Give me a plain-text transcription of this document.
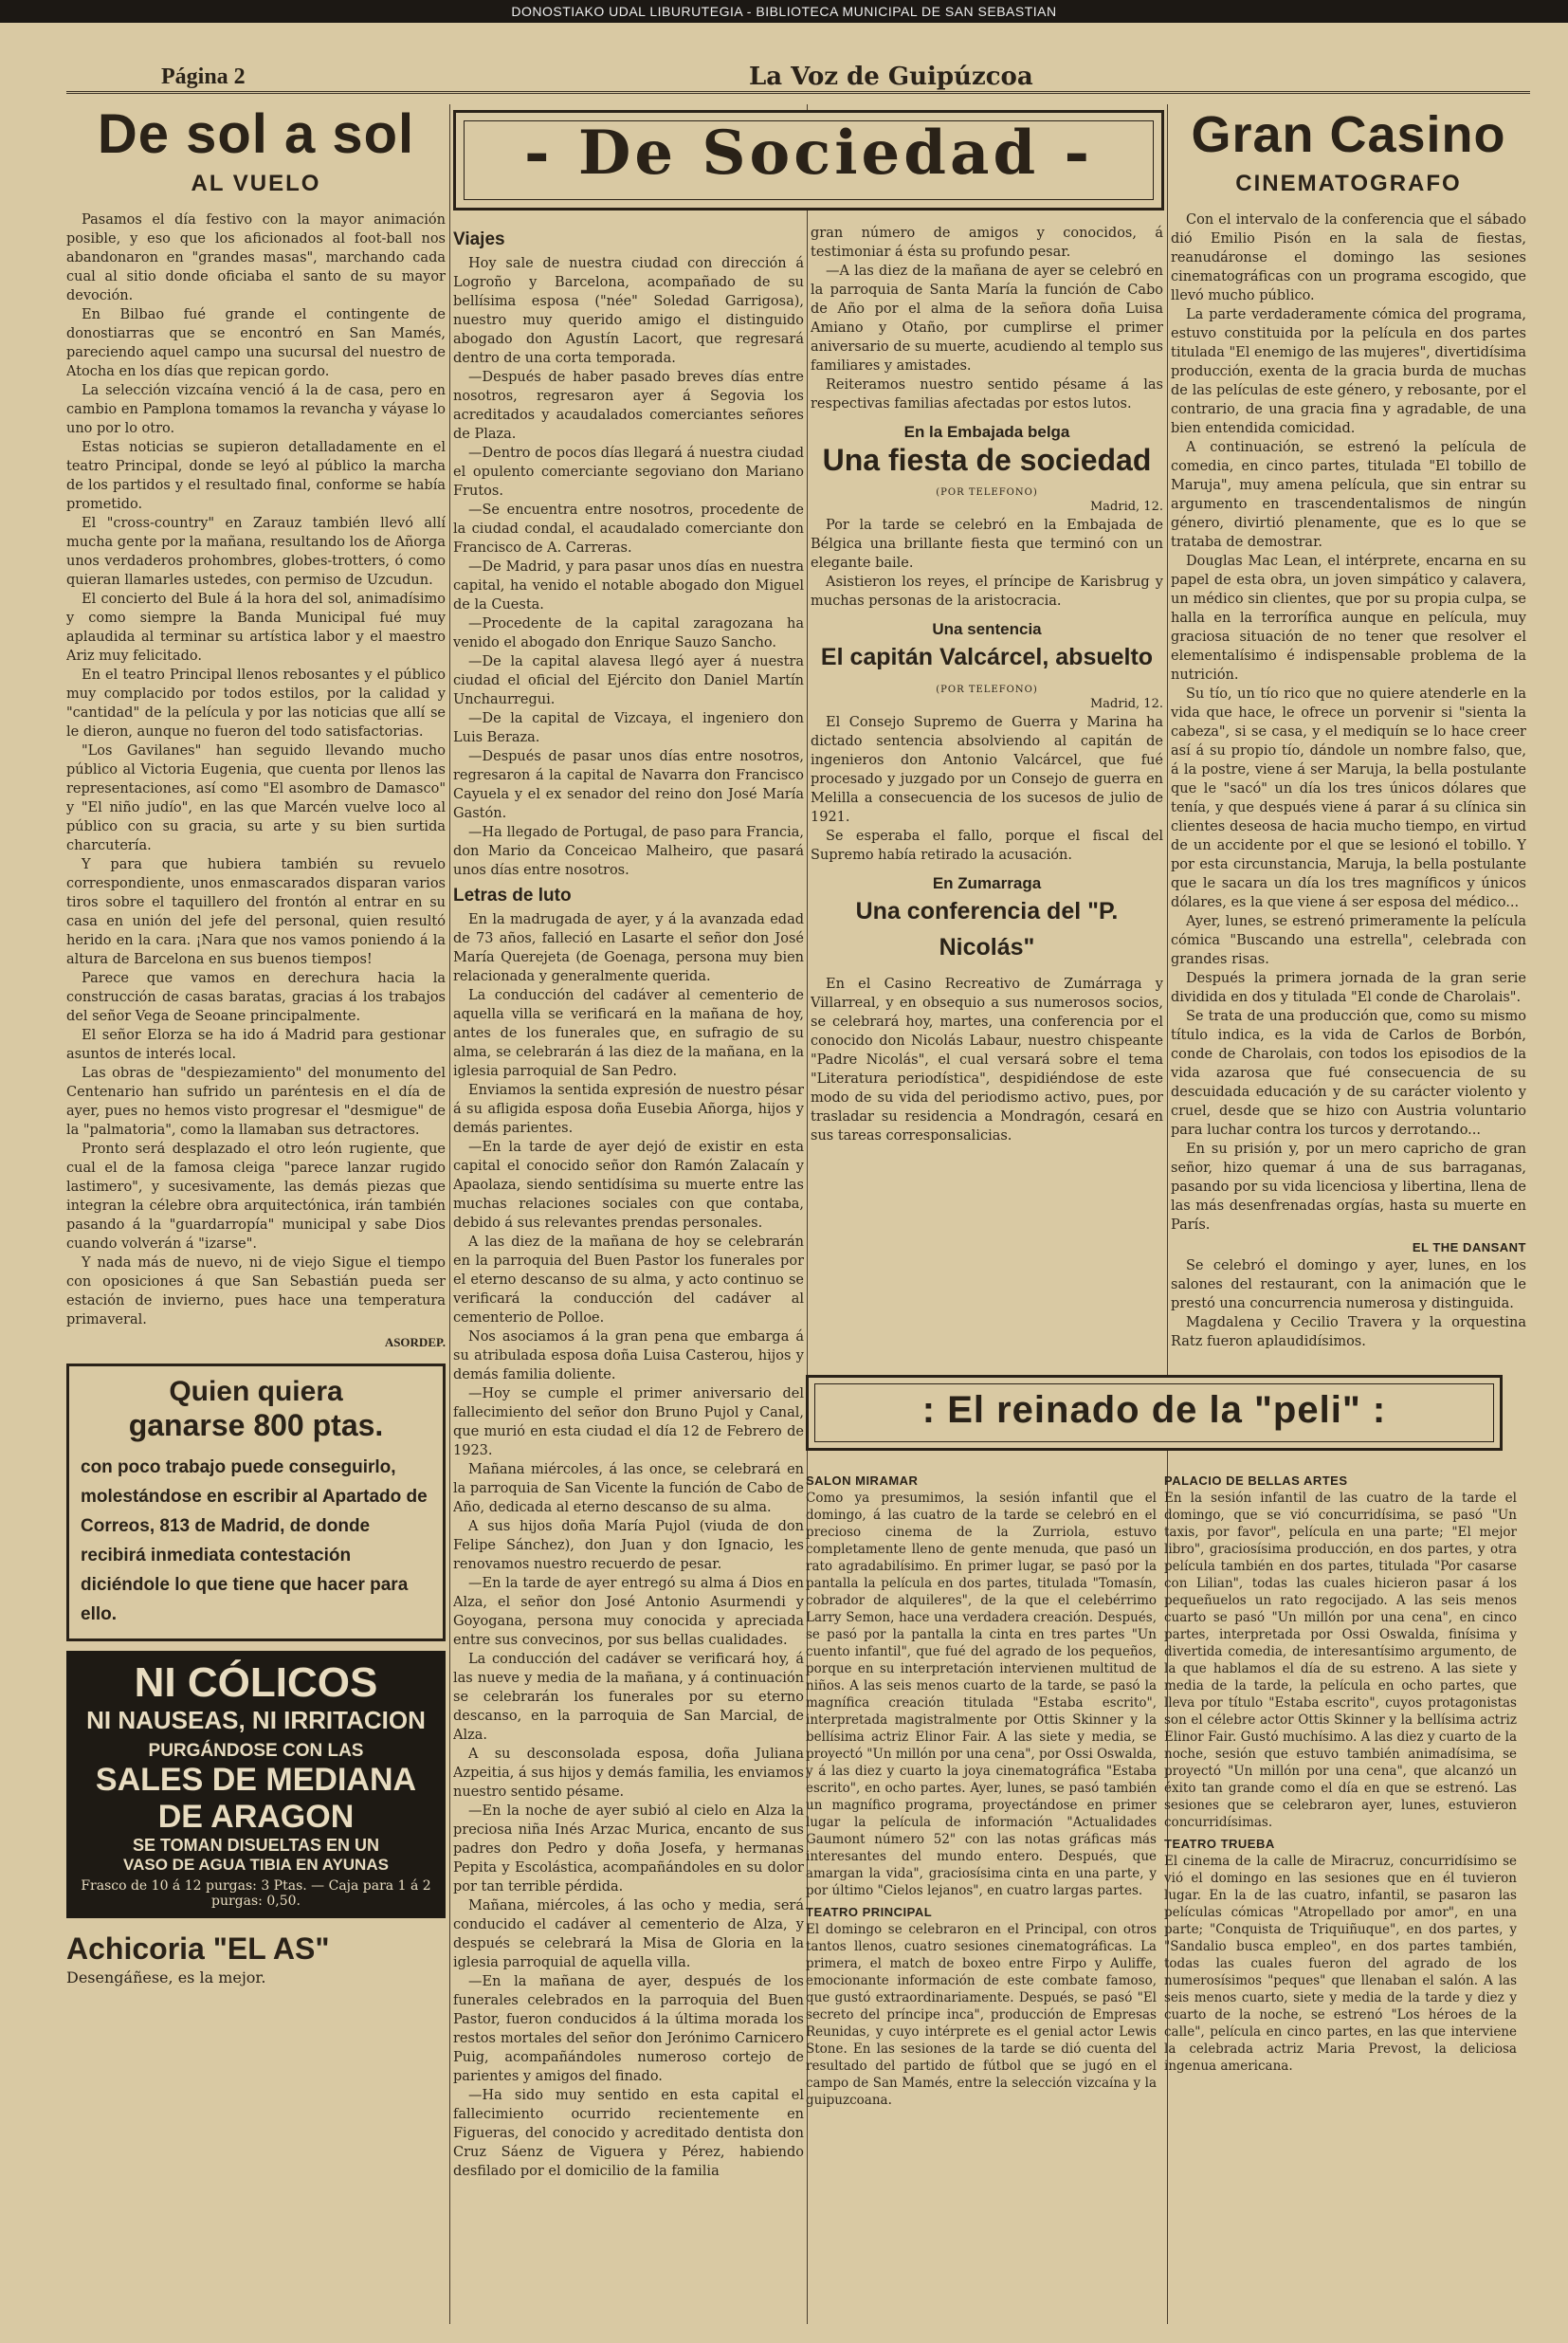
DONOSTIAKO UDAL LIBURUTEGIA - BIBLIOTECA MUNICIPAL DE SAN SEBASTIAN
Página 2	La Voz de Guipúzcoa
De sol a sol
AL VUELO

Pasamos el día festivo con la mayor animación posible, y eso que los aficionados al foot-ball nos abandonaron en "grandes masas", marchando cada cual al sitio donde oficiaba el santo de su mayor devoción.

En Bilbao fué grande el contingente de donostiarras que se encontró en San Mamés, pareciendo aquel campo una sucursal del nuestro de Atocha en los días que repican gordo.

La selección vizcaína venció á la de casa, pero en cambio en Pamplona tomamos la revancha y váyase lo uno por lo otro.

Estas noticias se supieron detalladamente en el teatro Principal, donde se leyó al público la marcha de los partidos y el resultado final, conforme se había prometido.

El "cross-country" en Zarauz también llevó allí mucha gente por la mañana, resultando los de Añorga unos verdaderos prohombres, globes-trotters, ó como quieran llamarles ustedes, con permiso de Uzcudun.

El concierto del Bule á la hora del sol, animadísimo y como siempre la Banda Municipal fué muy aplaudida al terminar su artística labor y el maestro Ariz muy felicitado.

En el teatro Principal llenos rebosantes y el público muy complacido por todos estilos, por la calidad y "cantidad" de la película y por las noticias que allí se le dieron, aunque no fueron del todo satisfactorias.

"Los Gavilanes" han seguido llevando mucho público al Victoria Eugenia, que cuenta por llenos las representaciones, así como "El asombro de Damasco" y "El niño judío", en las que Marcén vuelve loco al público con su gracia, su arte y su bien surtida charcutería.

Y para que hubiera también su revuelo correspondiente, unos enmascarados disparan varios tiros sobre el taquillero del frontón al entrar en su casa en unión del jefe del personal, quien resultó herido en la cara. ¡Nara que nos vamos poniendo á la altura de Barcelona en sus buenos tiempos!

Parece que vamos en derechura hacia la construcción de casas baratas, gracias á los trabajos del señor Vega de Seoane principalmente.

El señor Elorza se ha ido á Madrid para gestionar asuntos de interés local.

Las obras de "despiezamiento" del monumento del Centenario han sufrido un paréntesis en el día de ayer, pues no hemos visto progresar el "desmigue" de la "palmatoria", como la llamaban sus detractores.

Pronto será desplazado el otro león rugiente, que cual el de la famosa cleiga "parece lanzar rugido lastimero", y sucesivamente, las demás piezas que integran la célebre obra arquitectónica, irán también pasando á la "guardarropía" municipal y sabe Dios cuando volverán á "izarse".

Y nada más de nuevo, ni de viejo Sigue el tiempo con oposiciones á que San Sebastián pueda ser estación de invierno, pues hace una temperatura primaveral.

ASORDEP.
Quien quiera
ganarse 800 ptas.
con poco trabajo puede conseguirlo, molestándose en escribir al Apartado de Correos, 813 de Madrid, de donde recibirá inmediata contestación diciéndole lo que tiene que hacer para ello.
NI CÓLICOS
NI NAUSEAS, NI IRRITACION
PURGÁNDOSE CON LAS
SALES DE MEDIANA DE ARAGON
SE TOMAN DISUELTAS EN UN
VASO DE AGUA TIBIA EN AYUNAS
Frasco de 10 á 12 purgas: 3 Ptas. — Caja para 1 á 2 purgas: 0,50.
Achicoria "EL AS"
Desengáñese, es la mejor.
- De Sociedad -
Viajes

Hoy sale de nuestra ciudad con dirección á Logroño y Barcelona, acompañado de su bellísima esposa ("née" Soledad Garrigosa), nuestro muy querido amigo el distinguido abogado don Agustín Lacort, que regresará dentro de una corta temporada.

—Después de haber pasado breves días entre nosotros, regresaron ayer á Segovia los acreditados y acaudalados comerciantes señores de Plaza.

—Dentro de pocos días llegará á nuestra ciudad el opulento comerciante segoviano don Mariano Frutos.

—Se encuentra entre nosotros, procedente de la ciudad condal, el acaudalado comerciante don Francisco de A. Carreras.

—De Madrid, y para pasar unos días en nuestra capital, ha venido el notable abogado don Miguel de la Cuesta.

—Procedente de la capital zaragozana ha venido el abogado don Enrique Sauzo Sancho.

—De la capital alavesa llegó ayer á nuestra ciudad el oficial del Ejército don Daniel Martín Unchaurregui.

—De la capital de Vizcaya, el ingeniero don Luis Beraza.

—Después de pasar unos días entre nosotros, regresaron á la capital de Navarra don Francisco Cayuela y el ex senador del reino don José María Gastón.

—Ha llegado de Portugal, de paso para Francia, don Mario da Conceicao Malheiro, que pasará unos días entre nosotros.

Letras de luto

En la madrugada de ayer, y á la avanzada edad de 73 años, falleció en Lasarte el señor don José María Querejeta (de Goenaga, persona muy bien relacionada y generalmente querida.

La conducción del cadáver al cementerio de aquella villa se verificará en la mañana de hoy, antes de los funerales que, en sufragio de su alma, se celebrarán á las diez de la mañana, en la iglesia parroquial de San Pedro.

Enviamos la sentida expresión de nuestro pésar á su afligida esposa doña Eusebia Añorga, hijos y demás parientes.

—En la tarde de ayer dejó de existir en esta capital el conocido señor don Ramón Zalacaín y Apaolaza, siendo sentidísima su muerte entre las muchas relaciones sociales con que contaba, debido á sus relevantes prendas personales.

A las diez de la mañana de hoy se celebrarán en la parroquia del Buen Pastor los funerales por el eterno descanso de su alma, y acto continuo se verificará la conducción del cadáver al cementerio de Polloe.

Nos asociamos á la gran pena que embarga á su atribulada esposa doña Luisa Casterou, hijos y demás familia doliente.

—Hoy se cumple el primer aniversario del fallecimiento del señor don Bruno Pujol y Canal, que murió en esta ciudad el día 12 de Febrero de 1923.

Mañana miércoles, á las once, se celebrará en la parroquia de San Vicente la función de Cabo de Año, dedicada al eterno descanso de su alma.

A sus hijos doña María Pujol (viuda de don Felipe Sánchez), don Juan y don Ignacio, les renovamos nuestro recuerdo de pesar.

—En la tarde de ayer entregó su alma á Dios en Alza, el señor don José Antonio Asurmendi y Goyogana, persona muy conocida y apreciada entre sus convecinos, por sus bellas cualidades.

La conducción del cadáver se verificará hoy, á las nueve y media de la mañana, y á continuación se celebrarán los funerales por su eterno descanso, en la parroquia de San Marcial, de Alza.

A su desconsolada esposa, doña Juliana Azpeitia, á sus hijos y demás familia, les enviamos nuestro sentido pésame.

—En la noche de ayer subió al cielo en Alza la preciosa niña Inés Arzac Murica, encanto de sus padres don Pedro y doña Josefa, y hermanas Pepita y Escolástica, acompañándoles en su dolor por tan terrible pérdida.

Mañana, miércoles, á las ocho y media, será conducido el cadáver al cementerio de Alza, y después se celebrará la Misa de Gloria en la iglesia parroquial de aquella villa.

—En la mañana de ayer, después de los funerales celebrados en la parroquia del Buen Pastor, fueron conducidos á la última morada los restos mortales del señor don Jerónimo Carnicero Puig, acompañándoles numeroso cortejo de parientes y amigos del finado.

—Ha sido muy sentido en esta capital el fallecimiento ocurrido recientemente en Figueras, del conocido y acreditado dentista don Cruz Sáenz de Viguera y Pérez, habiendo desfilado por el domicilio de la familia

gran número de amigos y conocidos, á testimoniar á ésta su profundo pesar.

—A las diez de la mañana de ayer se celebró en la parroquia de Santa María la función de Cabo de Año por el alma de la señora doña Luisa Amiano y Otaño, por cumplirse el primer aniversario de su muerte, acudiendo al templo sus familiares y amistades.

Reiteramos nuestro sentido pésame á las respectivas familias afectadas por estos lutos.

En la Embajada belga
Una fiesta de sociedad
(POR TELEFONO)
Madrid, 12.

Por la tarde se celebró en la Embajada de Bélgica una brillante fiesta que terminó con un elegante baile.

Asistieron los reyes, el príncipe de Karisbrug y muchas personas de la aristocracia.

Una sentencia
El capitán Valcárcel, absuelto
(POR TELEFONO)
Madrid, 12.

El Consejo Supremo de Guerra y Marina ha dictado sentencia absolviendo al capitán de ingenieros don Antonio Valcárcel, que fué procesado y juzgado por un Consejo de guerra en Melilla a consecuencia de los sucesos de julio de 1921.

Se esperaba el fallo, porque el fiscal del Supremo había retirado la acusación.

En Zumarraga
Una conferencia del "P. Nicolás"

En el Casino Recreativo de Zumárraga y Villarreal, y en obsequio a sus numerosos socios, se celebrará hoy, martes, una conferencia por el conocido don Nicolás Labaur, nuestro chispeante "Padre Nicolás", el cual versará sobre el tema "Literatura periodística", despidiéndose de este modo de su vida del periodismo activo, pues, por trasladar su residencia a Mondragón, cesará en sus tareas corresponsalicias.

Gran Casino
CINEMATOGRAFO

Con el intervalo de la conferencia que el sábado dió Emilio Pisón en la sala de fiestas, reanudáronse el domingo las sesiones cinematográficas con un programa escogido, que llevó mucho público.

La parte verdaderamente cómica del programa, estuvo constituida por la película en dos partes titulada "El enemigo de las mujeres", divertidísima producción, exenta de la gracia burda de muchas de las películas de este género, y rebosante, por el contrario, de una gracia fina y agradable, de una bien entendida comicidad.

A continuación, se estrenó la película de comedia, en cinco partes, titulada "El tobillo de Maruja", muy amena película, que sin entrar su argumento en trascendentalismos de ningún género, divirtió plenamente, que es lo que se trataba de demostrar.

Douglas Mac Lean, el intérprete, encarna en su papel de esta obra, un joven simpático y calavera, un médico sin clientes, que por su propia culpa, se halla en la terrorífica aunque en película, muy graciosa situación de no tener que resolver el elementalísimo é indispensable problema de la nutrición.

Su tío, un tío rico que no quiere atenderle en la vida que hace, le ofrece un porvenir si "sienta la cabeza", si se casa, y el mediquín se lo hace creer así á su propio tío, dándole un nombre falso, que, á la postre, viene á ser Maruja, la bella postulante que le "sacó" un día los tres únicos dólares que tenía, y que después viene á parar á su clínica sin clientes deseosa de hacia mucho tiempo, en virtud de un accidente por el que se lesionó el tobillo. Y por esta circunstancia, Maruja, la bella postulante que le sacara un día los tres magníficos y únicos dólares, es la que viene á ser esposa del médico...

Ayer, lunes, se estrenó primeramente la película cómica "Buscando una estrella", celebrada con grandes risas.

Después la primera jornada de la gran serie dividida en dos y titulada "El conde de Charolais".

Se trata de una producción que, como su mismo título indica, es la vida de Carlos de Borbón, conde de Charolais, con todos los episodios de la vida azarosa que fué consecuencia de su descuidada educación y de su carácter violento y cruel, desde que se hizo con Austria voluntario para luchar contra los turcos y derrotando...

En su prisión y, por un mero capricho de gran señor, hizo quemar á una de sus barraganas, pasando por su vida licenciosa y libertina, llena de las más desenfrenadas orgías, hasta su muerte en París.

EL THE DANSANT

Se celebró el domingo y ayer, lunes, en los salones del restaurant, con la animación que le prestó una concurrencia numerosa y distinguida.

Magdalena y Cecilio Travera y la orquestina Ratz fueron aplaudidísimos.

: El reinado de la "peli" :
SALON MIRAMAR
Como ya presumimos, la sesión infantil que el domingo, á las cuatro de la tarde se celebró en el precioso cinema de la Zurriola, estuvo completamente lleno de gente menuda, que pasó un rato agradabilísimo. En primer lugar, se pasó por la pantalla la película en dos partes, titulada "Tomasín, cobrador de alquileres", de la que el celebérrimo Larry Semon, hace una verdadera creación. Después, se pasó por la pantalla la cinta en tres partes "Un cuento infantil", que fué del agrado de los pequeños, porque en su interpretación intervienen multitud de niños. A las seis menos cuarto de la tarde, se pasó la magnífica creación titulada "Estaba escrito", interpretada magistralmente por Ottis Skinner y la bellísima actriz Elinor Fair. A las siete y media, se proyectó "Un millón por una cena", por Ossi Oswalda, y á las diez y cuarto la joya cinematográfica "Estaba escrito", en ocho partes. Ayer, lunes, se pasó también un magnífico programa, proyectándose en primer lugar la película de información "Actualidades Gaumont número 52" con las notas gráficas más interesantes del mundo entero. Después, que amargan la vida", graciosísima cinta en una parte, y por último "Cielos lejanos", en cuatro largas partes.
TEATRO PRINCIPAL
El domingo se celebraron en el Principal, con otros tantos llenos, cuatro sesiones cinematográficas. La primera, el match de boxeo entre Firpo y Auliffe, emocionante información de este combate famoso, que gustó extraordinariamente. Después, se pasó "El secreto del príncipe inca", producción de Empresas Reunidas, y cuyo intérprete es el genial actor Lewis Stone. En las sesiones de la tarde se dió cuenta del resultado del partido de fútbol que se jugó en el campo de San Mamés, entre la selección vizcaína y la guipuzcoana.
PALACIO DE BELLAS ARTES
En la sesión infantil de las cuatro de la tarde el domingo, que se vió concurridísima, se pasó "Un taxis, por favor", película en una parte; "El mejor libro", graciosísima producción, en dos partes, y otra película también en dos partes, titulada "Por casarse con Lilian", todas las cuales hicieron pasar á los pequeñuelos un rato regocijado. A las seis menos cuarto se pasó "Un millón por una cena", en cinco partes, interpretada por Ossi Oswalda, finísima y divertida comedia, de interesantísimo argumento, de la que hablamos el día de su estreno. A las siete y media de la tarde, la película en ocho partes, que lleva por título "Estaba escrito", cuyos protagonistas son el célebre actor Ottis Skinner y la bellísima actriz Elinor Fair. Gustó muchísimo. A las diez y cuarto de la noche, sesión que estuvo también animadísima, se proyectó "Un millón por una cena", que alcanzó un éxito tan grande como el día en que se estrenó. Las sesiones que se celebraron ayer, lunes, estuvieron concurridísimas.
TEATRO TRUEBA
El cinema de la calle de Miracruz, concurridísimo se vió el domingo en las sesiones que en él tuvieron lugar. En la de las cuatro, infantil, se pasaron las películas cómicas "Atropellado por amor", en una parte; "Conquista de Triquiñuque", en dos partes, y "Sandalio busca empleo", en dos partes también, todas las cuales fueron del agrado de los numerosísimos "peques" que llenaban el salón. A las seis menos cuarto, siete y media de la tarde y diez y cuarto de la noche, se estrenó "Los héroes de la calle", película en cinco partes, en las que interviene la celebrada actriz Maria Prevost, la deliciosa ingenua americana.
